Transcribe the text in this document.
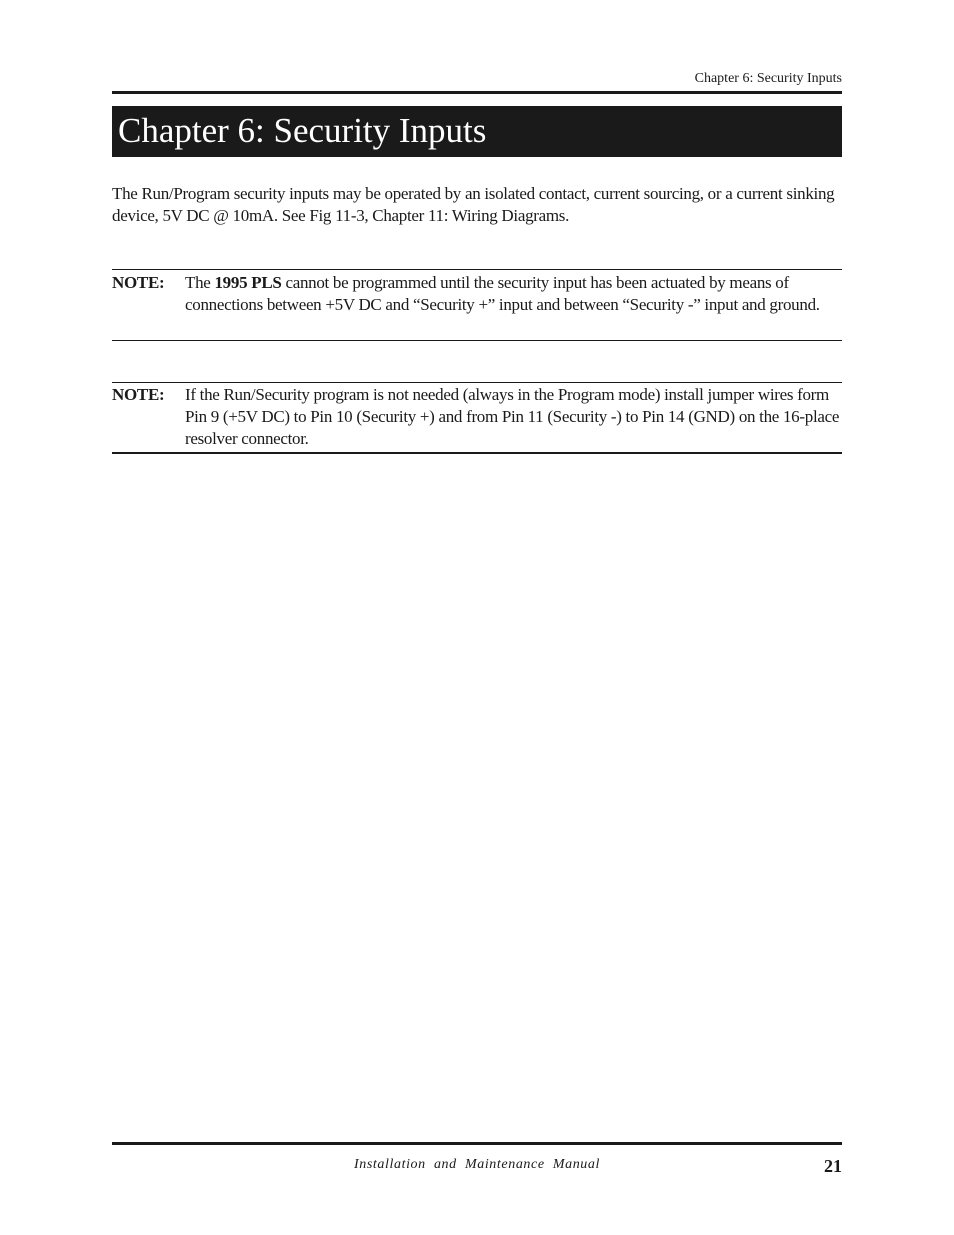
Chapter 6: Security Inputs
Chapter 6: Security Inputs

The Run/Program security inputs may be operated by an isolated contact, current sourcing, or a current sinking device, 5V DC @ 10mA. See Fig 11-3, Chapter 11: Wiring Diagrams.

NOTE:	The 1995 PLS cannot be programmed until the security input has been actuated by means of connections between +5V DC and “Security +” input and between “Security -” input and ground.
NOTE:	If the Run/Security program is not needed (always in the Program mode) install jumper wires form Pin 9 (+5V DC) to Pin 10 (Security +) and from Pin 11 (Security -) to Pin 14 (GND) on the 16-place resolver connector.
Installation  and  Maintenance  Manual	21
